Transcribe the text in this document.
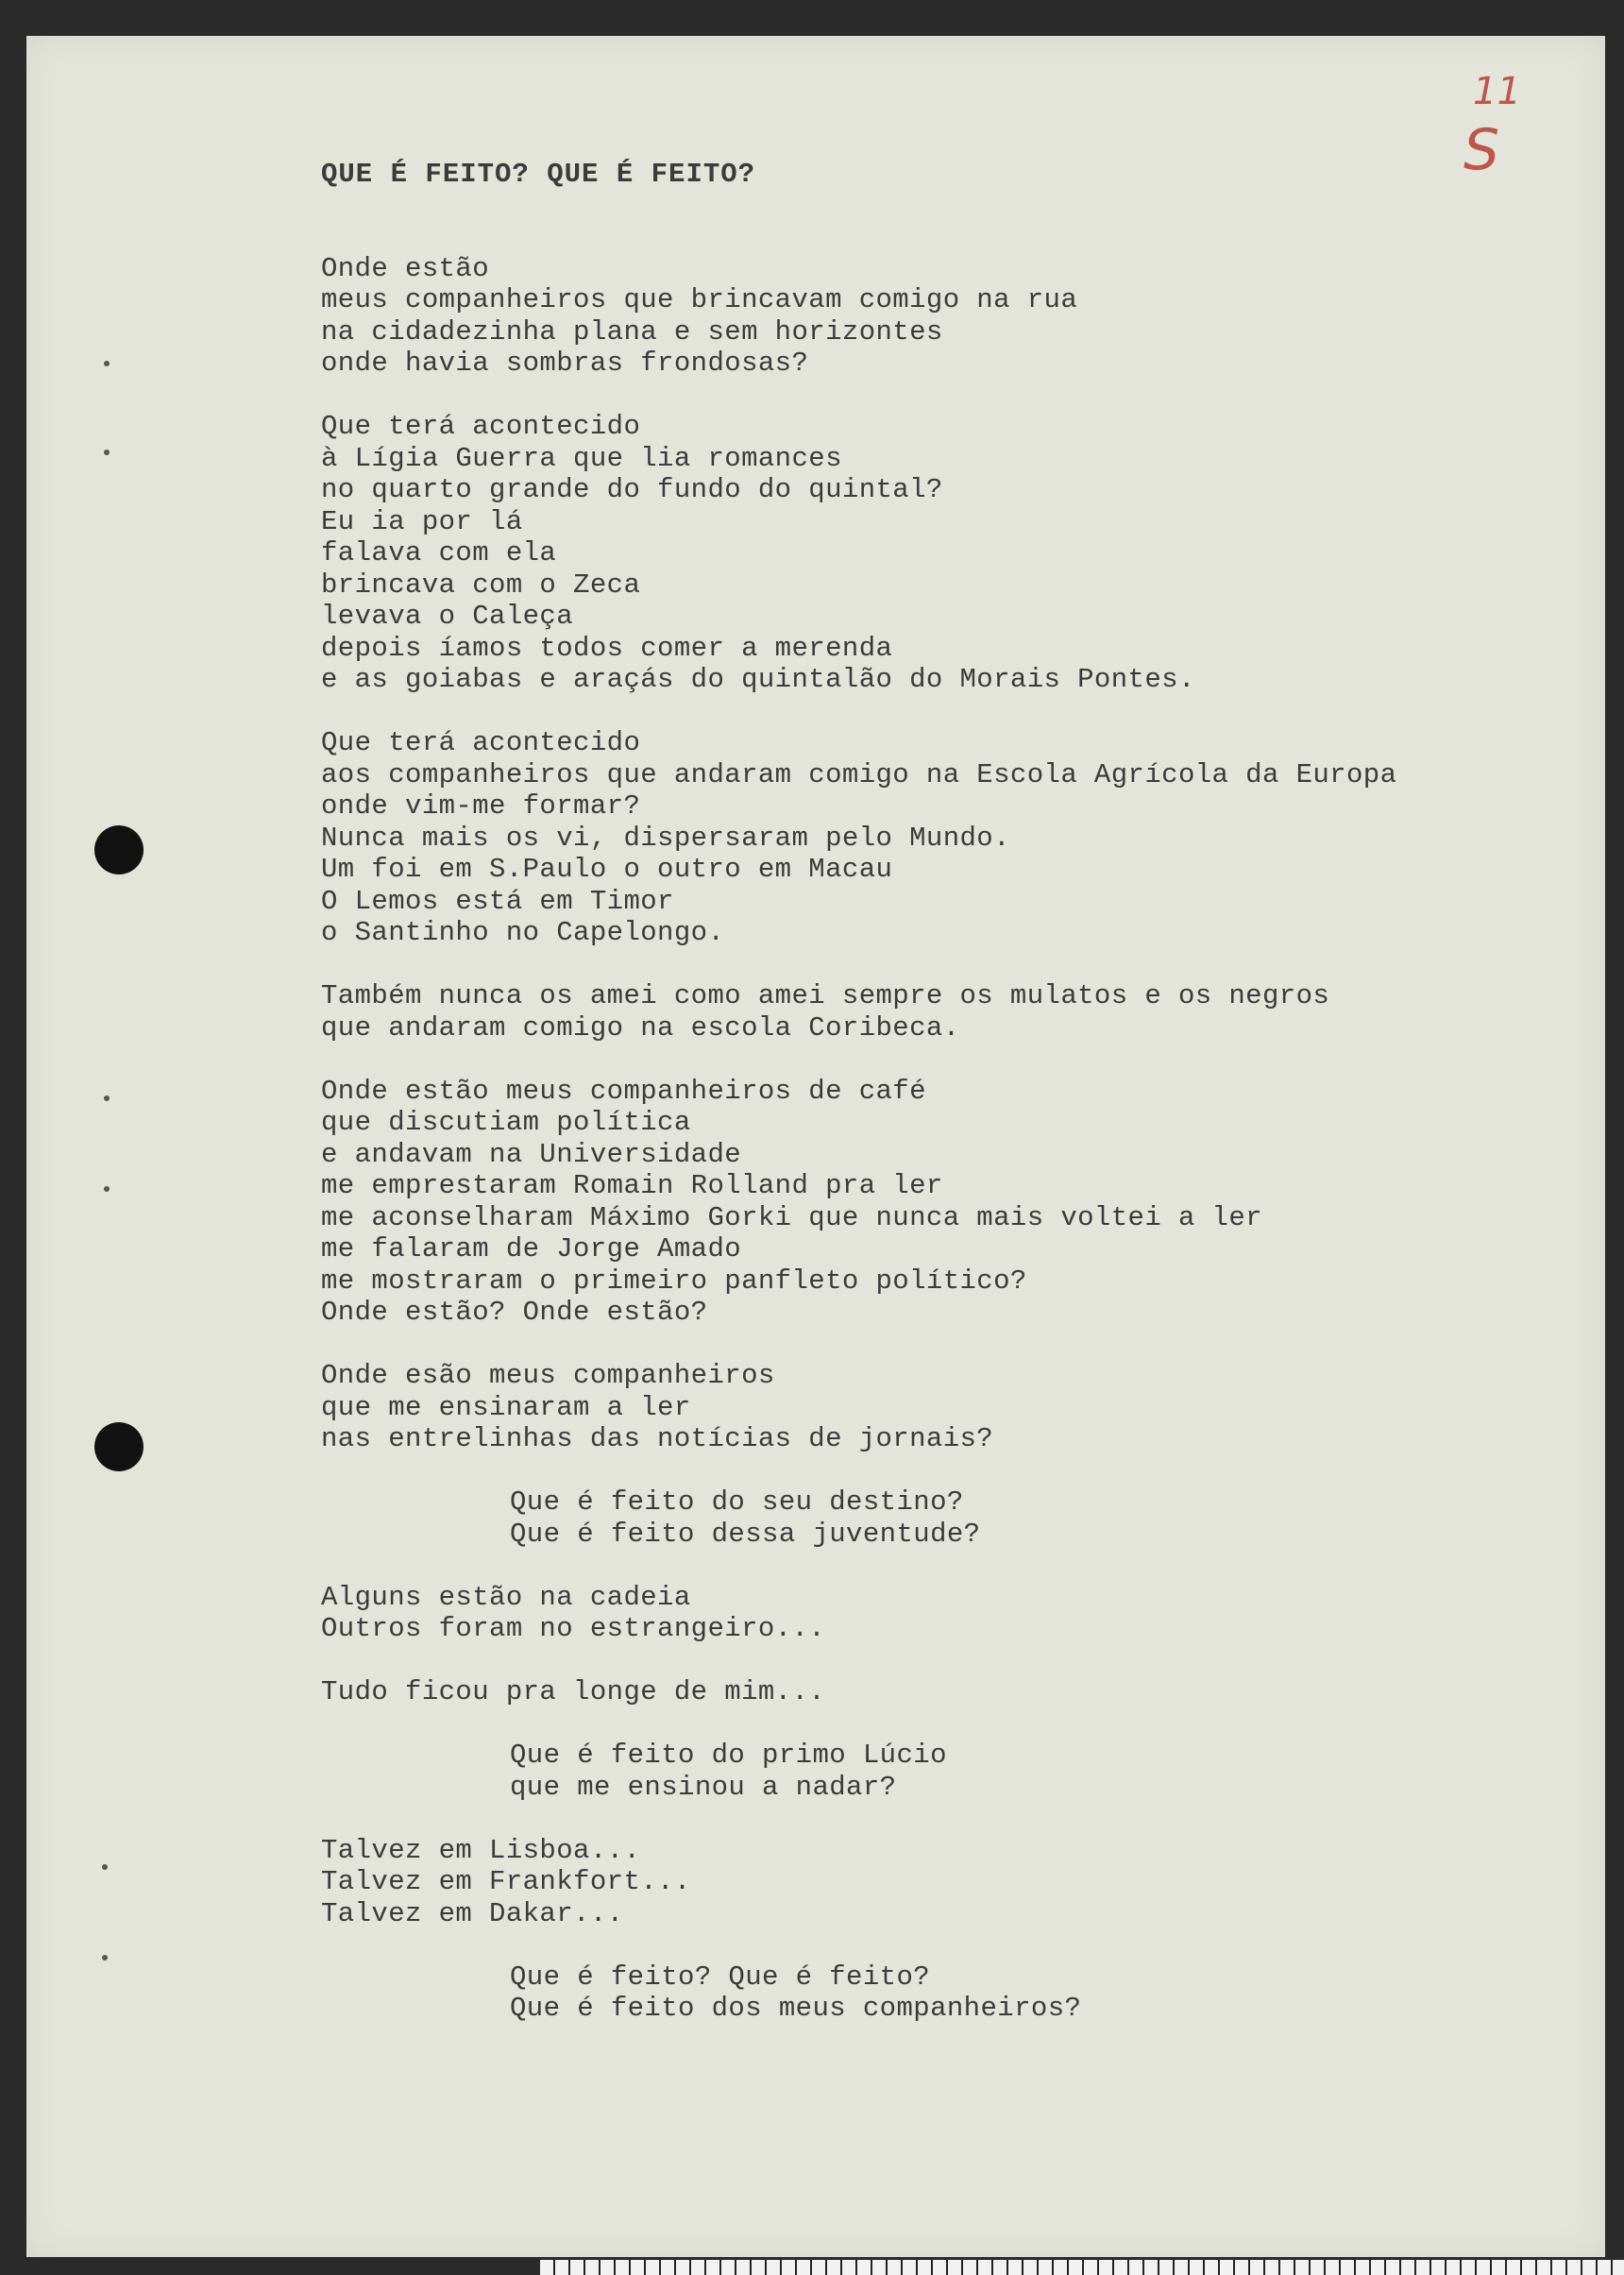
11
S
QUE É FEITO? QUE É FEITO?
Onde estão
meus companheiros que brincavam comigo na rua
na cidadezinha plana e sem horizontes
onde havia sombras frondosas?
Que terá acontecido
à Lígia Guerra que lia romances
no quarto grande do fundo do quintal?
Eu ia por lá
falava com ela
brincava com o Zeca
levava o Caleça
depois íamos todos comer a merenda
e as goiabas e araçás do quintalão do Morais Pontes.
Que terá acontecido
aos companheiros que andaram comigo na Escola Agrícola da Europa
onde vim-me formar?
Nunca mais os vi, dispersaram pelo Mundo.
Um foi em S.Paulo o outro em Macau
O Lemos está em Timor
o Santinho no Capelongo.
Também nunca os amei como amei sempre os mulatos e os negros
que andaram comigo na escola Coribeca.
Onde estão meus companheiros de café
que discutiam política
e andavam na Universidade
me emprestaram Romain Rolland pra ler
me aconselharam Máximo Gorki que nunca mais voltei a ler
me falaram de Jorge Amado
me mostraram o primeiro panfleto político?
Onde estão? Onde estão?
Onde esão meus companheiros
que me ensinaram a ler
nas entrelinhas das notícias de jornais?
Que é feito do seu destino?
Que é feito dessa juventude?
Alguns estão na cadeia
Outros foram no estrangeiro...
Tudo ficou pra longe de mim...
Que é feito do primo Lúcio
que me ensinou a nadar?
Talvez em Lisboa...
Talvez em Frankfort...
Talvez em Dakar...
Que é feito? Que é feito?
Que é feito dos meus companheiros?
